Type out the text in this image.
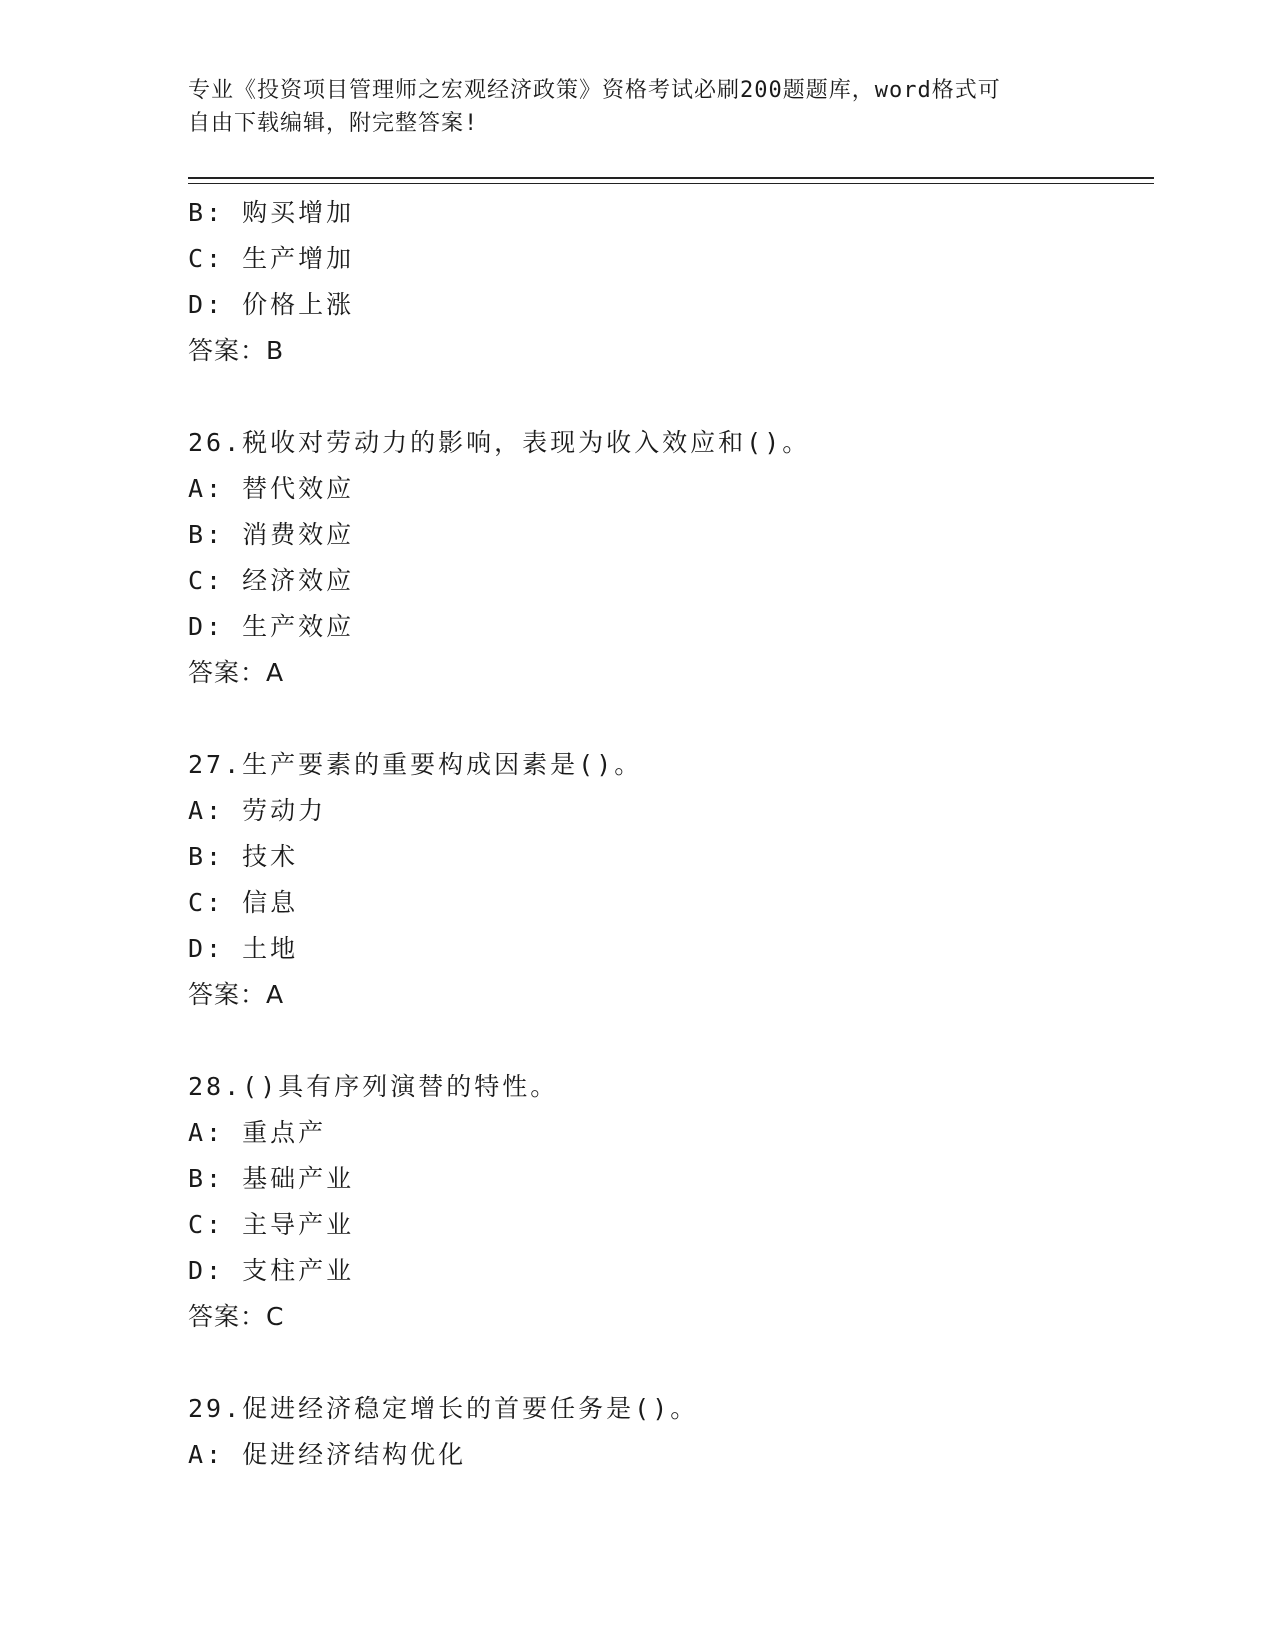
专业《投资项目管理师之宏观经济政策》资格考试必刷200题题库，word格式可
自由下载编辑，附完整答案!
B: 购买增加
C: 生产增加
D: 价格上涨
答案：B
26.税收对劳动力的影响，表现为收入效应和()。
A: 替代效应
B: 消费效应
C: 经济效应
D: 生产效应
答案：A
27.生产要素的重要构成因素是()。
A: 劳动力
B: 技术
C: 信息
D: 土地
答案：A
28.()具有序列演替的特性。
A: 重点产
B: 基础产业
C: 主导产业
D: 支柱产业
答案：C
29.促进经济稳定增长的首要任务是()。
A: 促进经济结构优化
